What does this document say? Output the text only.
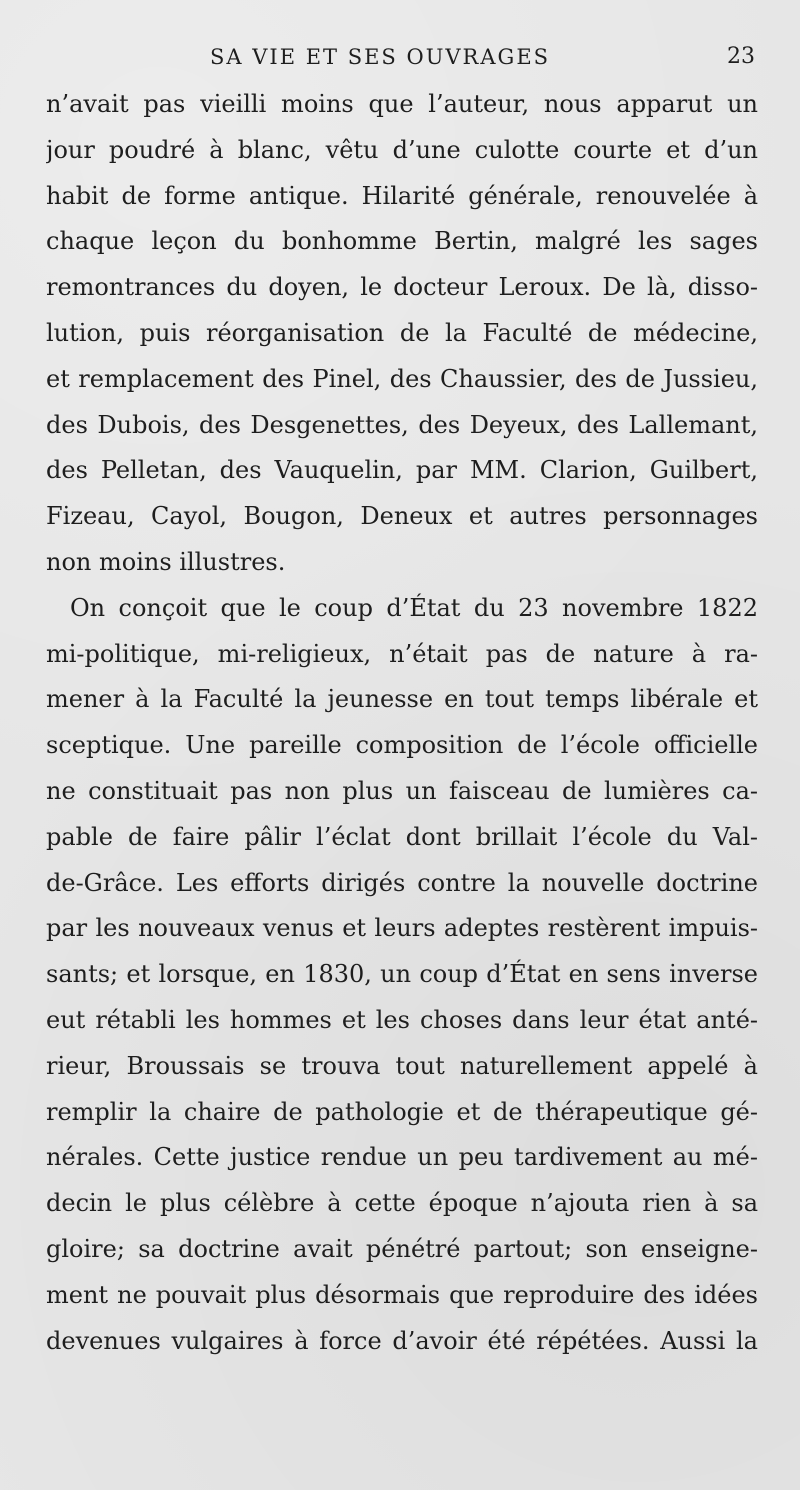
SA VIE ET SES OUVRAGES	23
n’avait pas vieilli moins que l’auteur, nous apparut un
jour poudré à blanc, vêtu d’une culotte courte et d’un
habit de forme antique. Hilarité générale, renouvelée à
chaque leçon du bonhomme Bertin, malgré les sages
remontrances du doyen, le docteur Leroux. De là, disso-
lution, puis réorganisation de la Faculté de médecine,
et remplacement des Pinel, des Chaussier, des de Jussieu,
des Dubois, des Desgenettes, des Deyeux, des Lallemant,
des Pelletan, des Vauquelin, par MM. Clarion, Guilbert,
Fizeau, Cayol, Bougon, Deneux et autres personnages
non moins illustres.
On conçoit que le coup d’État du 23 novembre 1822
mi-politique, mi-religieux, n’était pas de nature à ra-
mener à la Faculté la jeunesse en tout temps libérale et
sceptique. Une pareille composition de l’école officielle
ne constituait pas non plus un faisceau de lumières ca-
pable de faire pâlir l’éclat dont brillait l’école du Val-
de-Grâce. Les efforts dirigés contre la nouvelle doctrine
par les nouveaux venus et leurs adeptes restèrent impuis-
sants; et lorsque, en 1830, un coup d’État en sens inverse
eut rétabli les hommes et les choses dans leur état anté-
rieur, Broussais se trouva tout naturellement appelé à
remplir la chaire de pathologie et de thérapeutique gé-
nérales. Cette justice rendue un peu tardivement au mé-
decin le plus célèbre à cette époque n’ajouta rien à sa
gloire; sa doctrine avait pénétré partout; son enseigne-
ment ne pouvait plus désormais que reproduire des idées
devenues vulgaires à force d’avoir été répétées. Aussi la
